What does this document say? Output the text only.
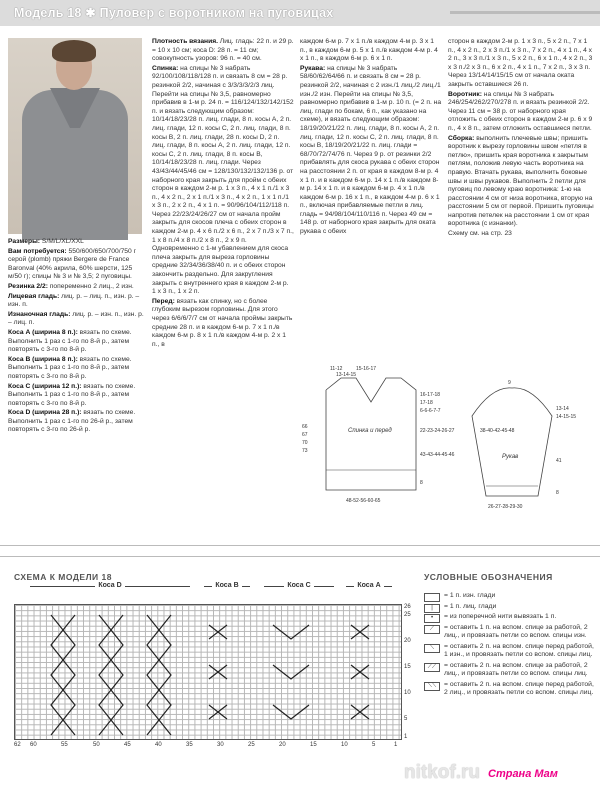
Модель 18 ✱ Пуловер с воротником на пуговицах

Размеры: S/M/L/XL/XXL

Вам потребуется: 550/600/650/700/750 г серой (plomb) пряжи Bergere de France Baronval (40% акрила, 60% шерсти, 125 м/50 г); спицы № 3 и № 3,5; 2 пуговицы.

Резинка 2/2: попеременно 2 лиц., 2 изн.

Лицевая гладь: лиц. р. – лиц. п., изн. р. – изн. п.

Изнаночная гладь: лиц. р. – изн. п., изн. р. – лиц. п.

Коса А (ширина 8 п.): вязать по схеме. Выполнить 1 раз с 1-го по 8-й р., затем повторять с 3-го по 8-й р.

Коса В (ширина 8 п.): вязать по схеме. Выполнить 1 раз с 1-го по 8-й р., затем повторять с 3-го по 8-й р.

Коса С (ширина 12 п.): вязать по схеме. Выполнить 1 раз с 1-го по 8-й р., затем повторять с 3-го по 8-й р.

Коса D (ширина 28 п.): вязать по схеме. Выполнить 1 раз с 1-го по 26-й р., затем повторять с 3-го по 26-й р.

Плотность вязания. Лиц. гладь: 22 п. и 29 р. = 10 х 10 см; коса D: 28 п. = 11 см; совокупность узоров: 96 п. = 40 см.

Спинка: на спицы № 3 набрать 92/100/108/118/128 п. и связать 8 см = 28 р. резинкой 2/2, начиная с 3/3/3/3/2/3 лиц. Перейти на спицы № 3,5, равномерно прибавив в 1-м р. 24 п. = 116/124/132/142/152 п. и вязать следующим образом: 10/14/18/23/28 п. лиц. глади, 8 п. косы А, 2 п. лиц. глади, 12 п. косы С, 2 п. лиц. глади, 8 п. косы В, 2 п. лиц. глади, 28 п. косы D, 2 п. лиц. глади, 8 п. косы А, 2 п. лиц. глади, 12 п. косы С, 2 п. лиц. глади, 8 п. косы В, 10/14/18/23/28 п. лиц. глади. Через 43/43/44/45/46 см = 128/130/132/132/136 р. от наборного края закрыть для пройм с обеих сторон в каждом 2-м р. 1 х 3 п., 4 х 1 п./1 х 3 п., 4 х 2 п., 2 х 1 п./1 х 3 п., 4 х 2 п., 1 х 1 п./1 х 3 п., 2 х 2 п., 4 х 1 п. = 90/96/104/112/118 п. Через 22/23/24/26/27 см от начала пройм закрыть для скосов плеча с обеих сторон в каждом 2-м р. 4 х 6 п./2 х 6 п., 2 х 7 п./3 х 7 п., 1 х 8 п./4 х 8 п./2 х 8 п., 2 х 9 п. Одновременно с 1-м убавлением для скоса плеча закрыть для выреза горловины средние 32/34/36/38/40 п. и с обеих сторон закончить раздельно. Для закругления закрыть с внутреннего края в каждом 2-м р. 1 х 3 п., 1 х 2 п.

Перед: вязать как спинку, но с более глубоким вырезом горловины. Для этого через 6/6/6/7/7 см от начала проймы закрыть средние 28 п. и в каждом 6-м р. 7 х 1 п./в каждом 6-м р. 8 х 1 п./в каждом 4-м р. 2 х 1 п., в

каждом 6-м р. 7 х 1 п./в каждом 4-м р. 3 х 1 п., в каждом 6-м р. 5 х 1 п./в каждом 4-м р. 4 х 1 п., в каждом 6-м р. 6 х 1 п.

Рукава: на спицы № 3 набрать 58/60/62/64/66 п. и связать 8 см = 28 р. резинкой 2/2, начиная с 2 изн./1 лиц./2 лиц./1 изн./2 изн. Перейти на спицы № 3,5, равномерно прибавив в 1-м р. 10 п. (= 2 п. на лиц. глади по бокам, 6 п., как указано на схеме), и вязать следующим образом: 18/19/20/21/22 п. лиц. глади, 8 п. косы А, 2 п. лиц. глади, 12 п. косы С, 2 п. лиц. глади, 8 п. косы В, 18/19/20/21/22 п. лиц. глади = 68/70/72/74/76 п. Через 9 р. от резинки 2/2 прибавлять для скоса рукава с обеих сторон на расстоянии 2 п. от края в каждом 8-м р. 4 х 1 п. и в каждом 6-м р. 14 х 1 п./в каждом 8-м р. 14 х 1 п. и в каждом 6-м р. 4 х 1 п./в каждом 6-м р. 16 х 1 п., в каждом 4-м р. 6 х 1 п., включая прибавляемые петли в лиц. гладь = 94/98/104/110/116 п. Через 49 см = 148 р. от наборного края закрыть для оката рукава с обеих

сторон в каждом 2-м р. 1 х 3 п., 5 х 2 п., 7 х 1 п., 4 х 2 п., 2 х 3 п./1 х 3 п., 7 х 2 п., 4 х 1 п., 4 х 2 п., 3 х 3 п./1 х 3 п., 5 х 2 п., 6 х 1 п., 4 х 2 п., 3 х 3 п./2 х 3 п., 6 х 2 п., 4 х 1 п., 7 х 2 п., 3 х 3 п. Через 13/14/14/15/15 см от начала оката закрыть оставшиеся 26 п.

Воротник: на спицы № 3 набрать 246/254/262/270/278 п. и вязать резинкой 2/2. Через 11 см = 38 р. от наборного края отложить с обеих сторон в каждом 2-м р. 6 х 9 п., 4 х 8 п., затем отложить оставшиеся петли.

Сборка: выполнить плечевые швы; пришить воротник к вырезу горловины швом «петля в петлю», пришить края воротника к закрытым петлям, положив левую часть воротника на правую. Втачать рукава, выполнить боковые швы и швы рукавов. Выполнить 2 петли для пуговиц по левому краю воротника: 1-ю на расстоянии 4 см от низа воротника, вторую на расстоянии 5 см от первой. Пришить пуговицы напротив петелек на расстоянии 1 см от края воротника (с изнанки).

Схему см. на стр. 23

Спинка и перед
11-12	15-16-17
13-14-15
16-17-18
17-18
6-6-6-7-7
22-23-24-26-27
43-43-44-45-46
8
66
67
70
73
48-52-56-60-65
Рукав
9
38-40-42-45-48
13-14
14-15-15
41
8
26-27-28-29-30
СХЕМА К МОДЕЛИ 18	УСЛОВНЫЕ ОБОЗНАЧЕНИЯ
Коса D	Коса В	Коса С	Коса А
62 60	55	50	45	40	35	30	25	20	15	10	5	1
26
25
20
15
10
5
1
= 1 п. изн. глади
|	= 1 п. лиц. глади
•	= из поперечной нити вывязать 1 п.
⟋	= оставить 1 п. на вспом. спице за работой, 2 лиц., и провязать петли со вспом. спицы изн.
⟍	= оставить 2 п. на вспом. спице перед работой, 1 изн., и провязать петли со вспом. спицы лиц.
⟋⟋	= оставить 2 п. на вспом. спице за работой, 2 лиц., и провязать петли со вспом. спицы лиц.
⟍⟍	= оставить 2 п. на вспом. спице перед работой, 2 лиц., и провязать петли со вспом. спицы лиц.
nitkof.ru Страна Мам
